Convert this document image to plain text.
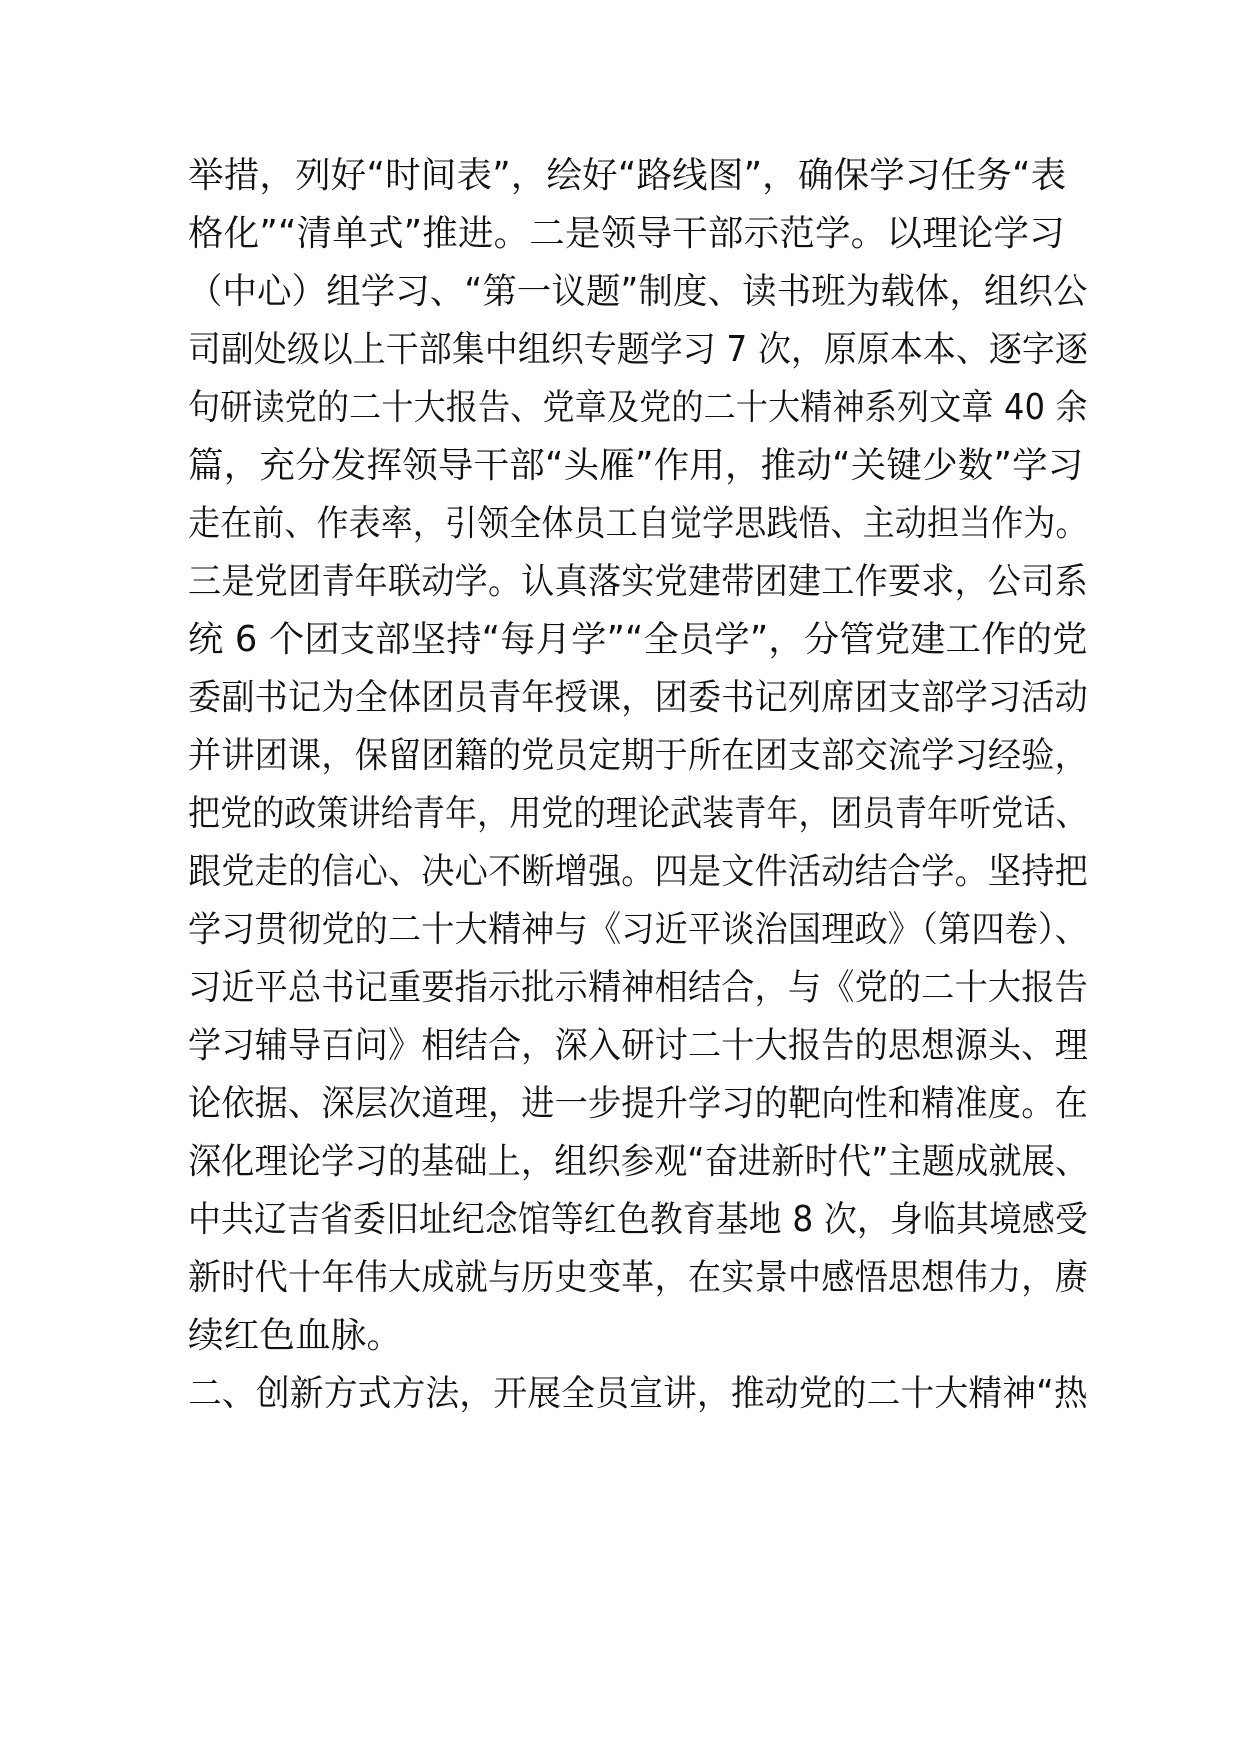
举措，列好“时间表”，绘好“路线图”，确保学习任务“表
格化”“清单式”推进。二是领导干部示范学。以理论学习
（中心）组学习、“第一议题”制度、读书班为载体，组织公
司副处级以上干部集中组织专题学习 7 次，原原本本、逐字逐
句研读党的二十大报告、党章及党的二十大精神系列文章 40 余
篇，充分发挥领导干部“头雁”作用，推动“关键少数”学习
走在前、作表率，引领全体员工自觉学思践悟、主动担当作为。
三是党团青年联动学。认真落实党建带团建工作要求，公司系
统 6 个团支部坚持“每月学”“全员学”，分管党建工作的党
委副书记为全体团员青年授课，团委书记列席团支部学习活动
并讲团课，保留团籍的党员定期于所在团支部交流学习经验，
把党的政策讲给青年，用党的理论武装青年，团员青年听党话、
跟党走的信心、决心不断增强。四是文件活动结合学。坚持把
学习贯彻党的二十大精神与《习近平谈治国理政》（第四卷）、
习近平总书记重要指示批示精神相结合，与《党的二十大报告
学习辅导百问》相结合，深入研讨二十大报告的思想源头、理
论依据、深层次道理，进一步提升学习的靶向性和精准度。在
深化理论学习的基础上，组织参观“奋进新时代”主题成就展、
中共辽吉省委旧址纪念馆等红色教育基地 8 次，身临其境感受
新时代十年伟大成就与历史变革，在实景中感悟思想伟力，赓
续红色血脉。
二、创新方式方法，开展全员宣讲，推动党的二十大精神“热
